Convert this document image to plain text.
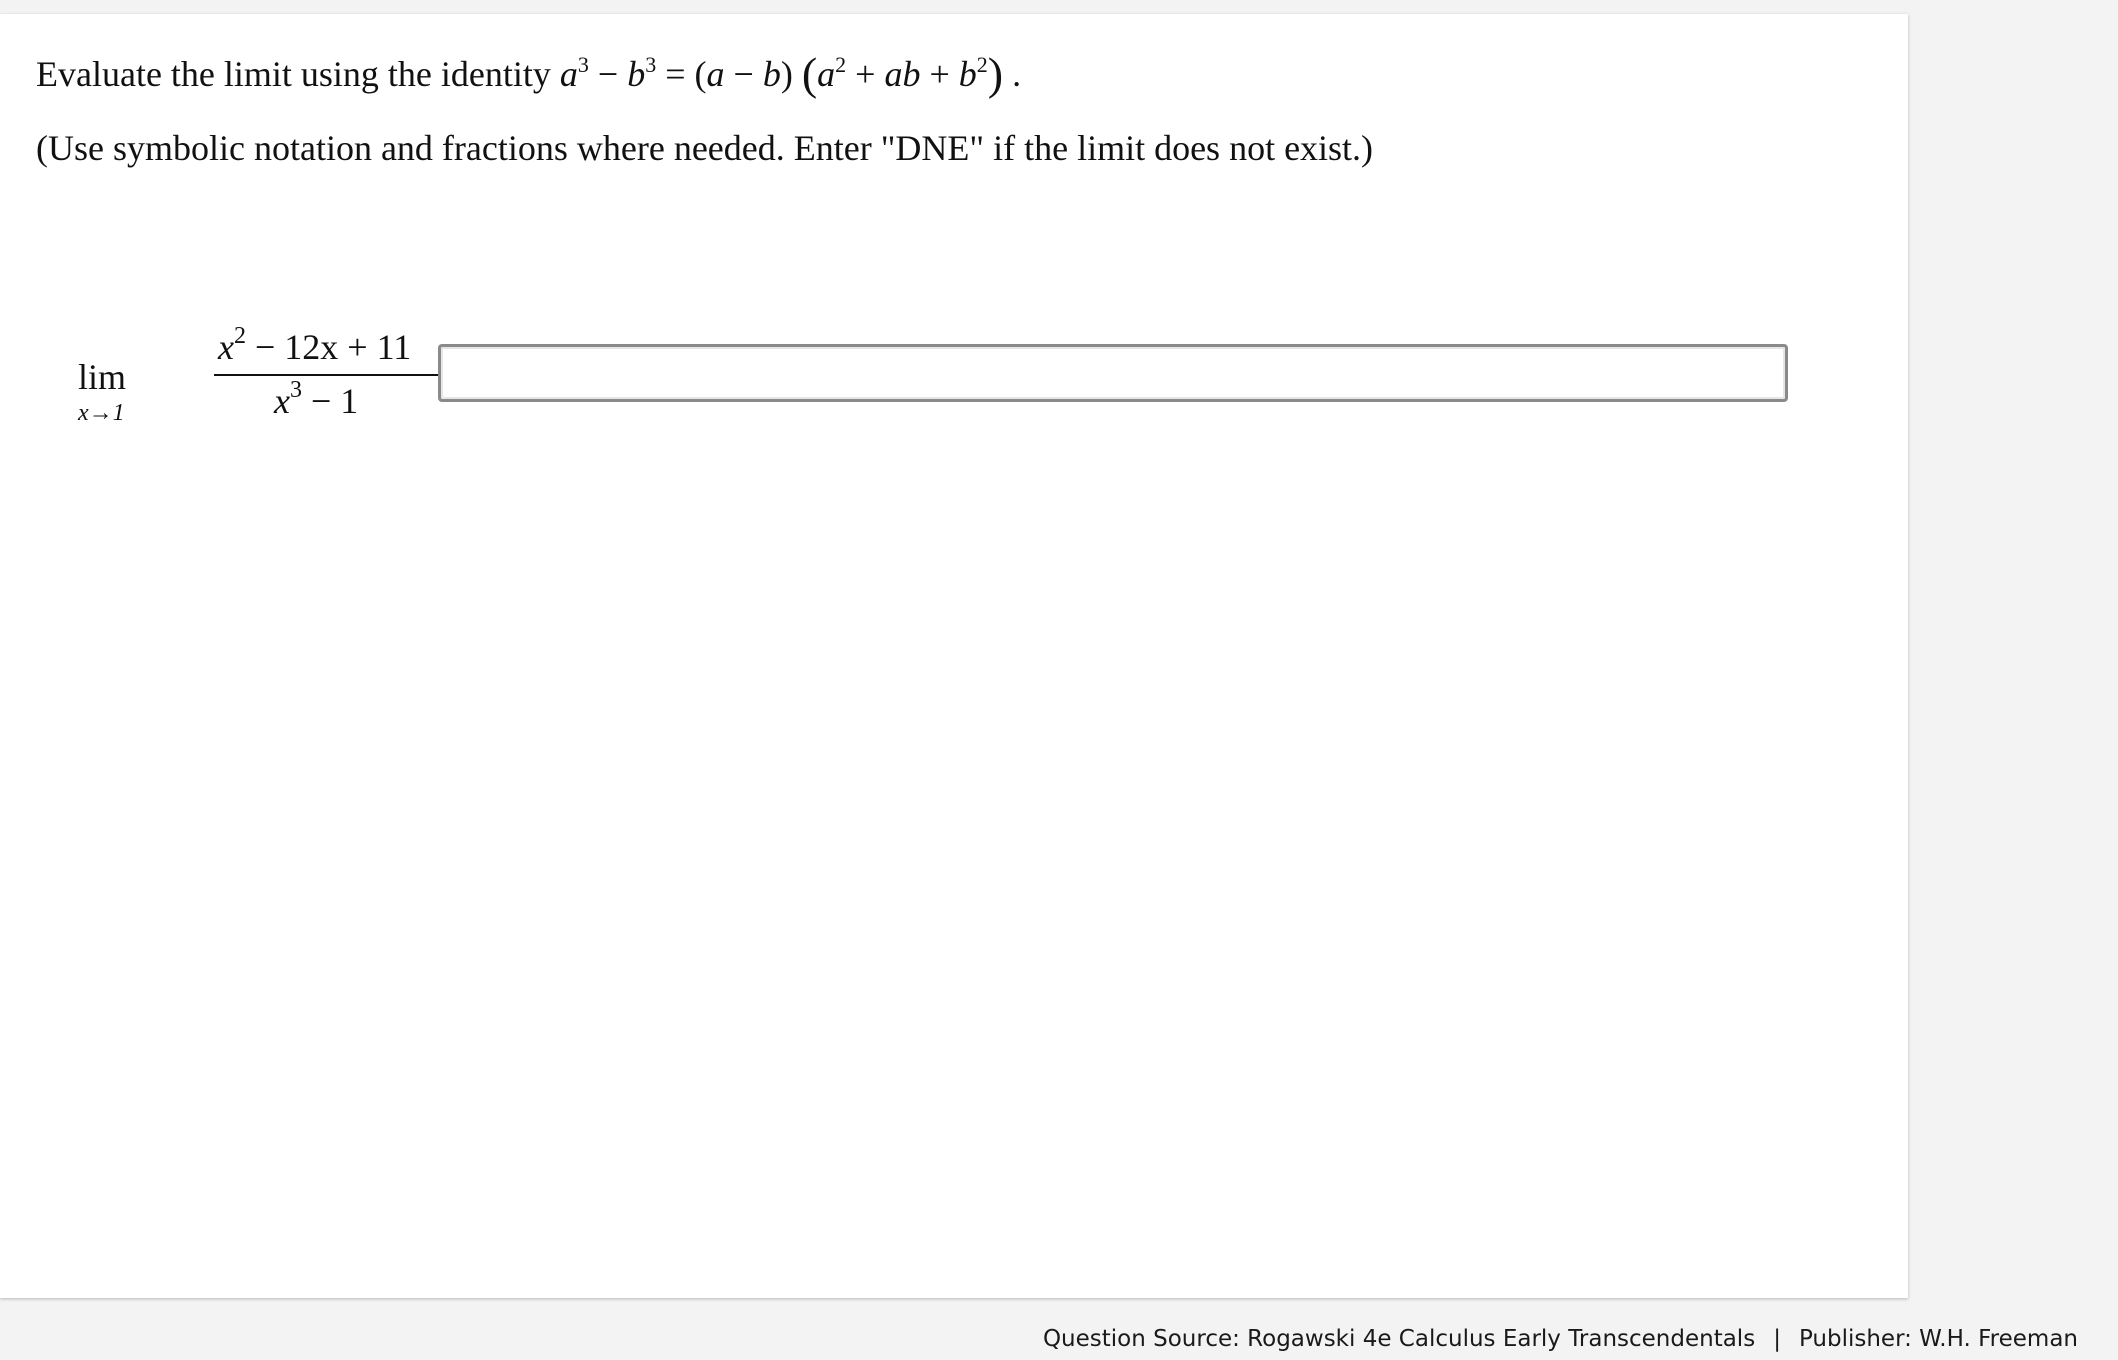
Evaluate the limit using the identity $a^3 - b^3 = (a - b) (a^2$ + ab + $b^2$) .
(Use symbolic notation and fractions where needed. Enter "DNE" if the limit does not exist.)
lim
x→1
$x^2 - 12x + 11$
$x^3 - 1$
Question Source: Rogawski 4e Calculus Early Transcendentals | Publisher: W.H. Freeman
